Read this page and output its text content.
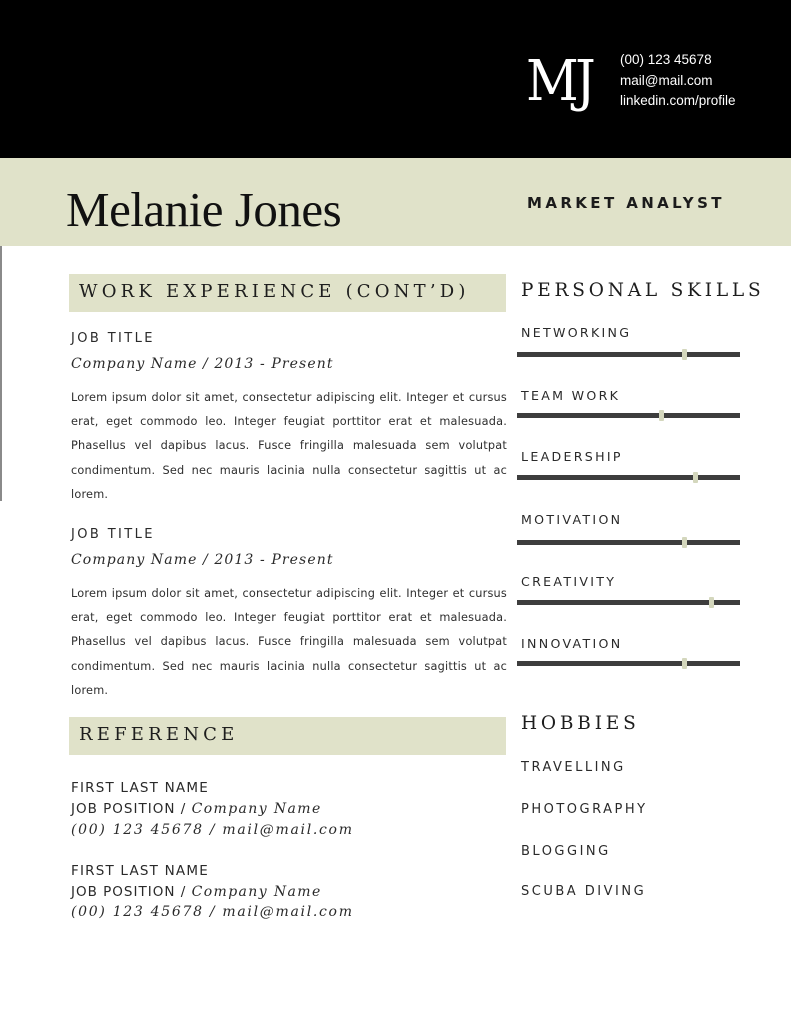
MJ (00) 123 45678
mail@mail.com
linkedin.com/profile
Melanie Jones	MARKET ANALYST
WORK EXPERIENCE (CONT’D)
JOB TITLE
Company Name / 2013 - Present
Lorem ipsum dolor sit amet, consectetur adipiscing elit. Integer et cursus erat, eget commodo leo. Integer feugiat porttitor erat et malesuada. Phasellus vel dapibus lacus. Fusce fringilla malesuada sem volutpat condimentum. Sed nec mauris lacinia nulla consectetur sagittis ut ac lorem.
JOB TITLE
Company Name / 2013 - Present
Lorem ipsum dolor sit amet, consectetur adipiscing elit. Integer et cursus erat, eget commodo leo. Integer feugiat porttitor erat et malesuada. Phasellus vel dapibus lacus. Fusce fringilla malesuada sem volutpat condimentum. Sed nec mauris lacinia nulla consectetur sagittis ut ac lorem.
REFERENCE
FIRST LAST NAME
JOB POSITION / Company Name
(00) 123 45678 / mail@mail.com
FIRST LAST NAME
JOB POSITION / Company Name
(00) 123 45678 / mail@mail.com
PERSONAL SKILLS
NETWORKING
TEAM WORK
LEADERSHIP
MOTIVATION
CREATIVITY
INNOVATION
HOBBIES
TRAVELLING
PHOTOGRAPHY
BLOGGING
SCUBA DIVING
